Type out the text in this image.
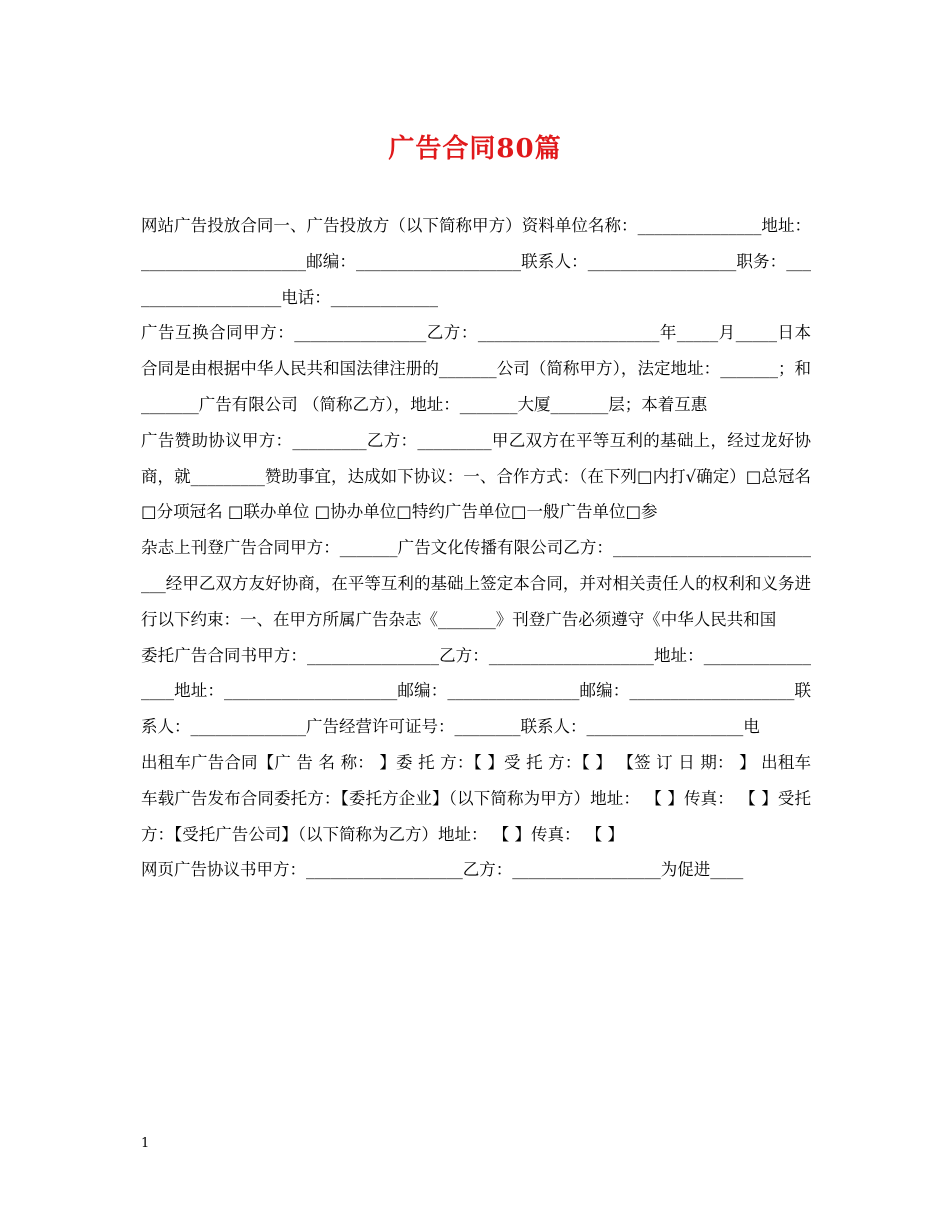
广告合同80篇

网站广告投放合同一、广告投放方（以下简称甲方）资料单位名称：_______________地址：____________________邮编：____________________联系人：__________________职务：____________________电话：_____________

广告互换合同甲方：________________乙方：______________________年_____月_____日本合同是由根据中华人民共和国法律注册的_______公司（简称甲方），法定地址：_______；和_______广告有限公司 （简称乙方），地址：_______大厦_______层；本着互惠

广告赞助协议甲方：_________乙方：_________甲乙双方在平等互利的基础上，经过龙好协商，就_________赞助事宜，达成如下协议：一、合作方式：（在下列□内打√确定）□总冠名□分项冠名 □联办单位 □协办单位□特约广告单位□一般广告单位□参

杂志上刊登广告合同甲方：_______广告文化传播有限公司乙方：___________________________经甲乙双方友好协商，在平等互利的基础上签定本合同，并对相关责任人的权利和义务进行以下约束：一、在甲方所属广告杂志《_______》刊登广告必须遵守《中华人民共和国

委托广告合同书甲方：________________乙方：____________________地址：_________________地址：_____________________邮编：________________邮编：____________________联系人：______________广告经营许可证号：________联系人：___________________电

出租车广告合同【广 告 名 称： 】委 托 方：【 】受 托 方：【 】 【签 订 日 期： 】 出租车车载广告发布合同委托方：【委托方企业】（以下简称为甲方）地址： 【 】传真： 【 】受托方：【受托广告公司】（以下简称为乙方）地址： 【 】传真： 【 】

网页广告协议书甲方：___________________乙方：__________________为促进____

1
